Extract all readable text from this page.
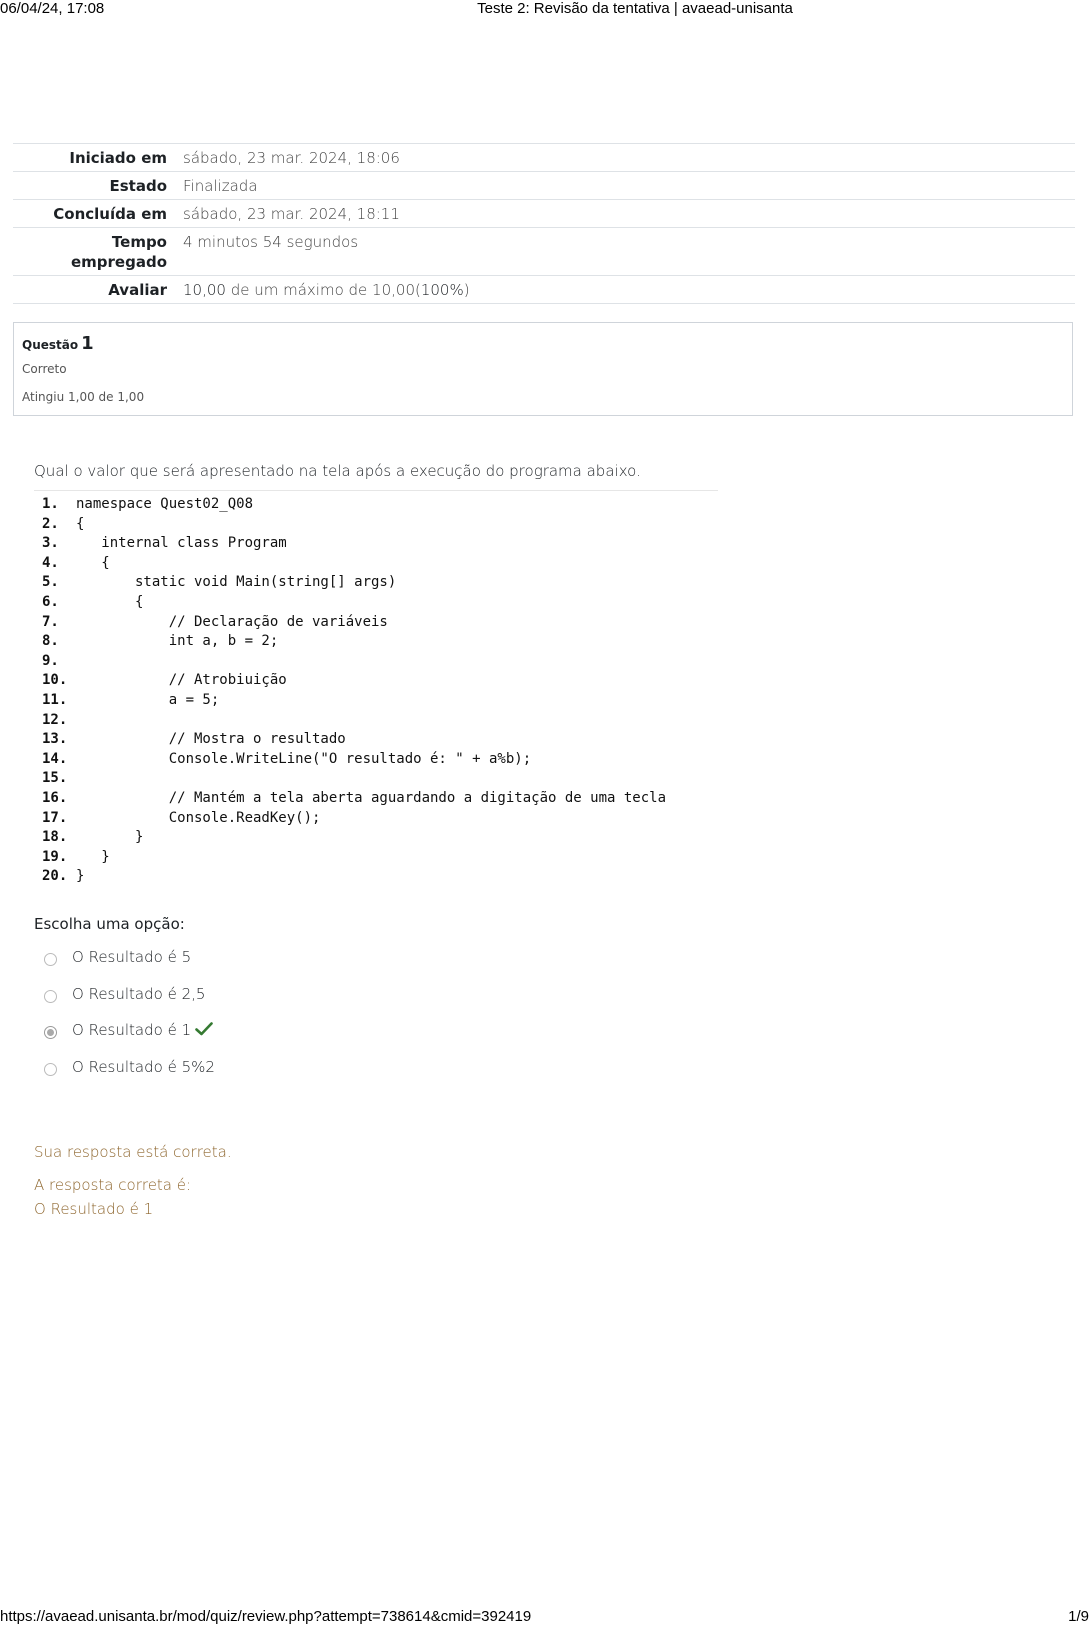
06/04/24, 17:08	Teste 2: Revisão da tentativa | avaead-unisanta
Iniciado em	sábado, 23 mar. 2024, 18:06
Estado	Finalizada
Concluída em	sábado, 23 mar. 2024, 18:11
Tempo
empregado	4 minutos 54 segundos
Avaliar	10,00 de um máximo de 10,00(100%)
Questão 1
Correto
Atingiu 1,00 de 1,00
Qual o valor que será apresentado na tela após a execução do programa abaixo.
1. namespace Quest02_Q08
2. {
3.   internal class Program
4.   {
5.       static void Main(string[] args)
6.       {
7.           // Declaração de variáveis
8.           int a, b = 2;
9.
10.           // Atrobiuição
11.           a = 5;
12.
13.           // Mostra o resultado
14.           Console.WriteLine("O resultado é: " + a%b);
15.
16.           // Mantém a tela aberta aguardando a digitação de uma tecla
17.           Console.ReadKey();
18.       }
19.   }
20. }
Escolha uma opção:
O Resultado é 5
O Resultado é 2,5
O Resultado é 1
O Resultado é 5%2
Sua resposta está correta.
A resposta correta é:
O Resultado é 1
https://avaead.unisanta.br/mod/quiz/review.php?attempt=738614&cmid=392419	1/9
